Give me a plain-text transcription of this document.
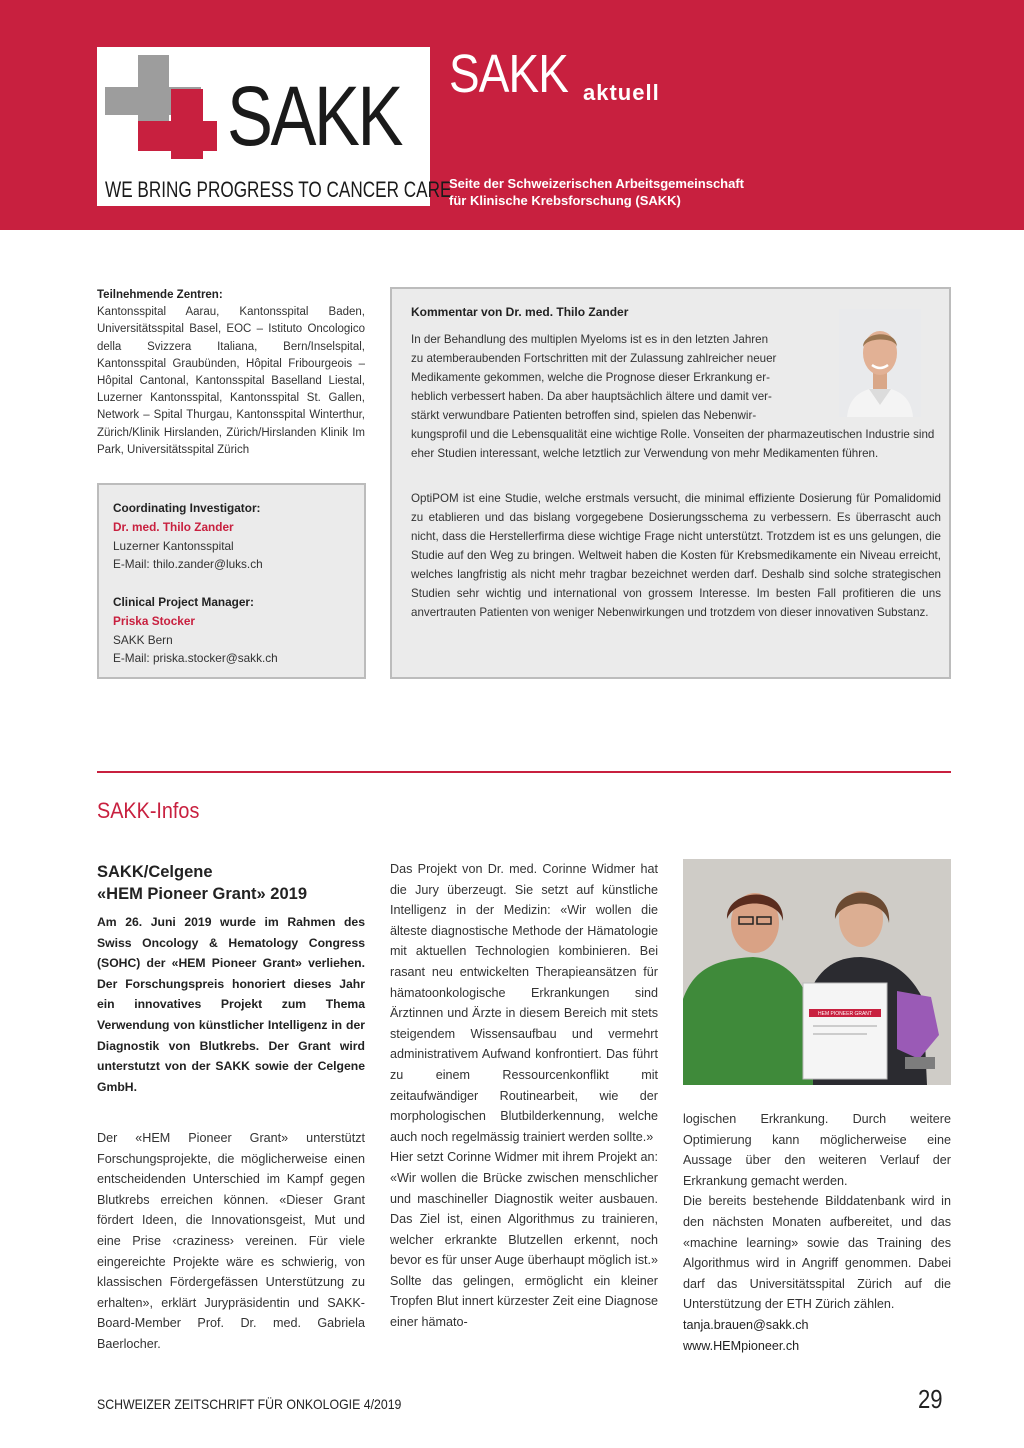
SAKK
WE BRING PROGRESS TO CANCER CARE
SAKK aktuell
Seite der Schweizerischen Arbeitsgemeinschaft
für Klinische Krebsforschung (SAKK)
Teilnehmende Zentren:
Kantonsspital Aarau, Kantonsspital Baden, Universitätsspital Basel, EOC – Istituto Oncologico della Svizzera Italiana, Bern/Inselspital, Kantonsspital Graubünden, Hôpital Fribourgeois – Hôpital Cantonal, Kantonsspital Baselland Liestal, Luzerner Kantonsspital, Kantonsspital St. Gallen, Network – Spital Thurgau, Kantonsspital Winterthur, Zürich/Klinik Hirslanden, Zürich/Hirslanden Klinik Im Park, Universitätsspital Zürich
Coordinating Investigator:
Dr. med. Thilo Zander
Luzerner Kantonsspital
E-Mail: thilo.zander@luks.ch
Clinical Project Manager:
Priska Stocker
SAKK Bern
E-Mail: priska.stocker@sakk.ch
Kommentar von Dr. med. Thilo Zander
In der Behandlung des multiplen Myeloms ist es in den letzten Jahren
zu atemberaubenden Fortschritten mit der Zulassung zahlreicher neuer
Medikamente gekommen, welche die Prognose dieser Erkrankung er-
heblich verbessert haben. Da aber hauptsächlich ältere und damit ver-
stärkt verwundbare Patienten betroffen sind, spielen das Nebenwir-
kungsprofil und die Lebensqualität eine wichtige Rolle. Vonseiten der pharmazeutischen Industrie sind eher Studien interessant, welche letztlich zur Verwendung von mehr Medikamenten führen.
OptiPOM ist eine Studie, welche erstmals versucht, die minimal effiziente Dosierung für Pomalidomid zu etablieren und das bislang vorgegebene Dosierungsschema zu verbessern. Es überrascht auch nicht, dass die Herstellerfirma diese wichtige Frage nicht unterstützt. Trotzdem ist es uns gelungen, die Studie auf den Weg zu bringen. Weltweit haben die Kosten für Krebsmedikamente ein Niveau erreicht, welches langfristig als nicht mehr tragbar bezeichnet werden darf. Deshalb sind solche strategischen Studien sehr wichtig und international von grossem Interesse. Im besten Fall profitieren die uns anvertrauten Patienten von weniger Nebenwirkungen und trotzdem von dieser innovativen Substanz.
SAKK-Infos
SAKK/Celgene
«HEM Pioneer Grant» 2019
Am 26. Juni 2019 wurde im Rahmen des Swiss Oncology & Hematology Congress (SOHC) der «HEM Pioneer Grant» verliehen. Der Forschungspreis honoriert dieses Jahr ein innovatives Projekt zum Thema Verwendung von künstlicher Intelligenz in der Diagnostik von Blutkrebs. Der Grant wird unterstutzt von der SAKK sowie der Celgene GmbH.
Der «HEM Pioneer Grant» unterstützt Forschungsprojekte, die möglicherweise einen entscheidenden Unterschied im Kampf gegen Blutkrebs erreichen können. «Dieser Grant fördert Ideen, die Innovationsgeist, Mut und eine Prise ‹craziness› vereinen. Für viele eingereichte Projekte wäre es schwierig, von klassischen Fördergefässen Unterstützung zu erhalten», erklärt Jurypräsidentin und SAKK-Board-Member Prof. Dr. med. Gabriela Baerlocher.

Das Projekt von Dr. med. Corinne Widmer hat die Jury überzeugt. Sie setzt auf künstliche Intelligenz in der Medizin: «Wir wollen die älteste diagnostische Methode der Hämatologie mit aktuellen Technologien kombinieren. Bei rasant neu entwickelten Therapieansätzen für hämatoonkologische Erkrankungen sind Ärztinnen und Ärzte in diesem Bereich mit stets steigendem Wissensaufbau und vermehrt administrativem Aufwand konfrontiert. Das führt zu einem Ressourcenkonflikt mit zeitaufwändiger Routinearbeit, wie der morphologischen Blutbilderkennung, welche auch noch regelmässig trainiert werden sollte.»

Hier setzt Corinne Widmer mit ihrem Projekt an: «Wir wollen die Brücke zwischen menschlicher und maschineller Diagnostik weiter ausbauen. Das Ziel ist, einen Algorithmus zu trainieren, welcher erkrankte Blutzellen erkennt, noch bevor es für unser Auge überhaupt möglich ist.» Sollte das gelingen, ermöglicht ein kleiner Tropfen Blut innert kürzester Zeit eine Diagnose einer hämato-

HEM PIONEER GRANT

logischen Erkrankung. Durch weitere Optimierung kann möglicherweise eine Aussage über den weiteren Verlauf der Erkrankung gemacht werden.

Die bereits bestehende Bilddatenbank wird in den nächsten Monaten aufbereitet, und das «machine learning» sowie das Training des Algorithmus wird in Angriff genommen. Dabei darf das Universitätsspital Zürich auf die Unterstützung der ETH Zürich zählen.

tanja.brauen@sakk.ch
www.HEMpioneer.ch
SCHWEIZER ZEITSCHRIFT FÜR ONKOLOGIE 4/2019	29
